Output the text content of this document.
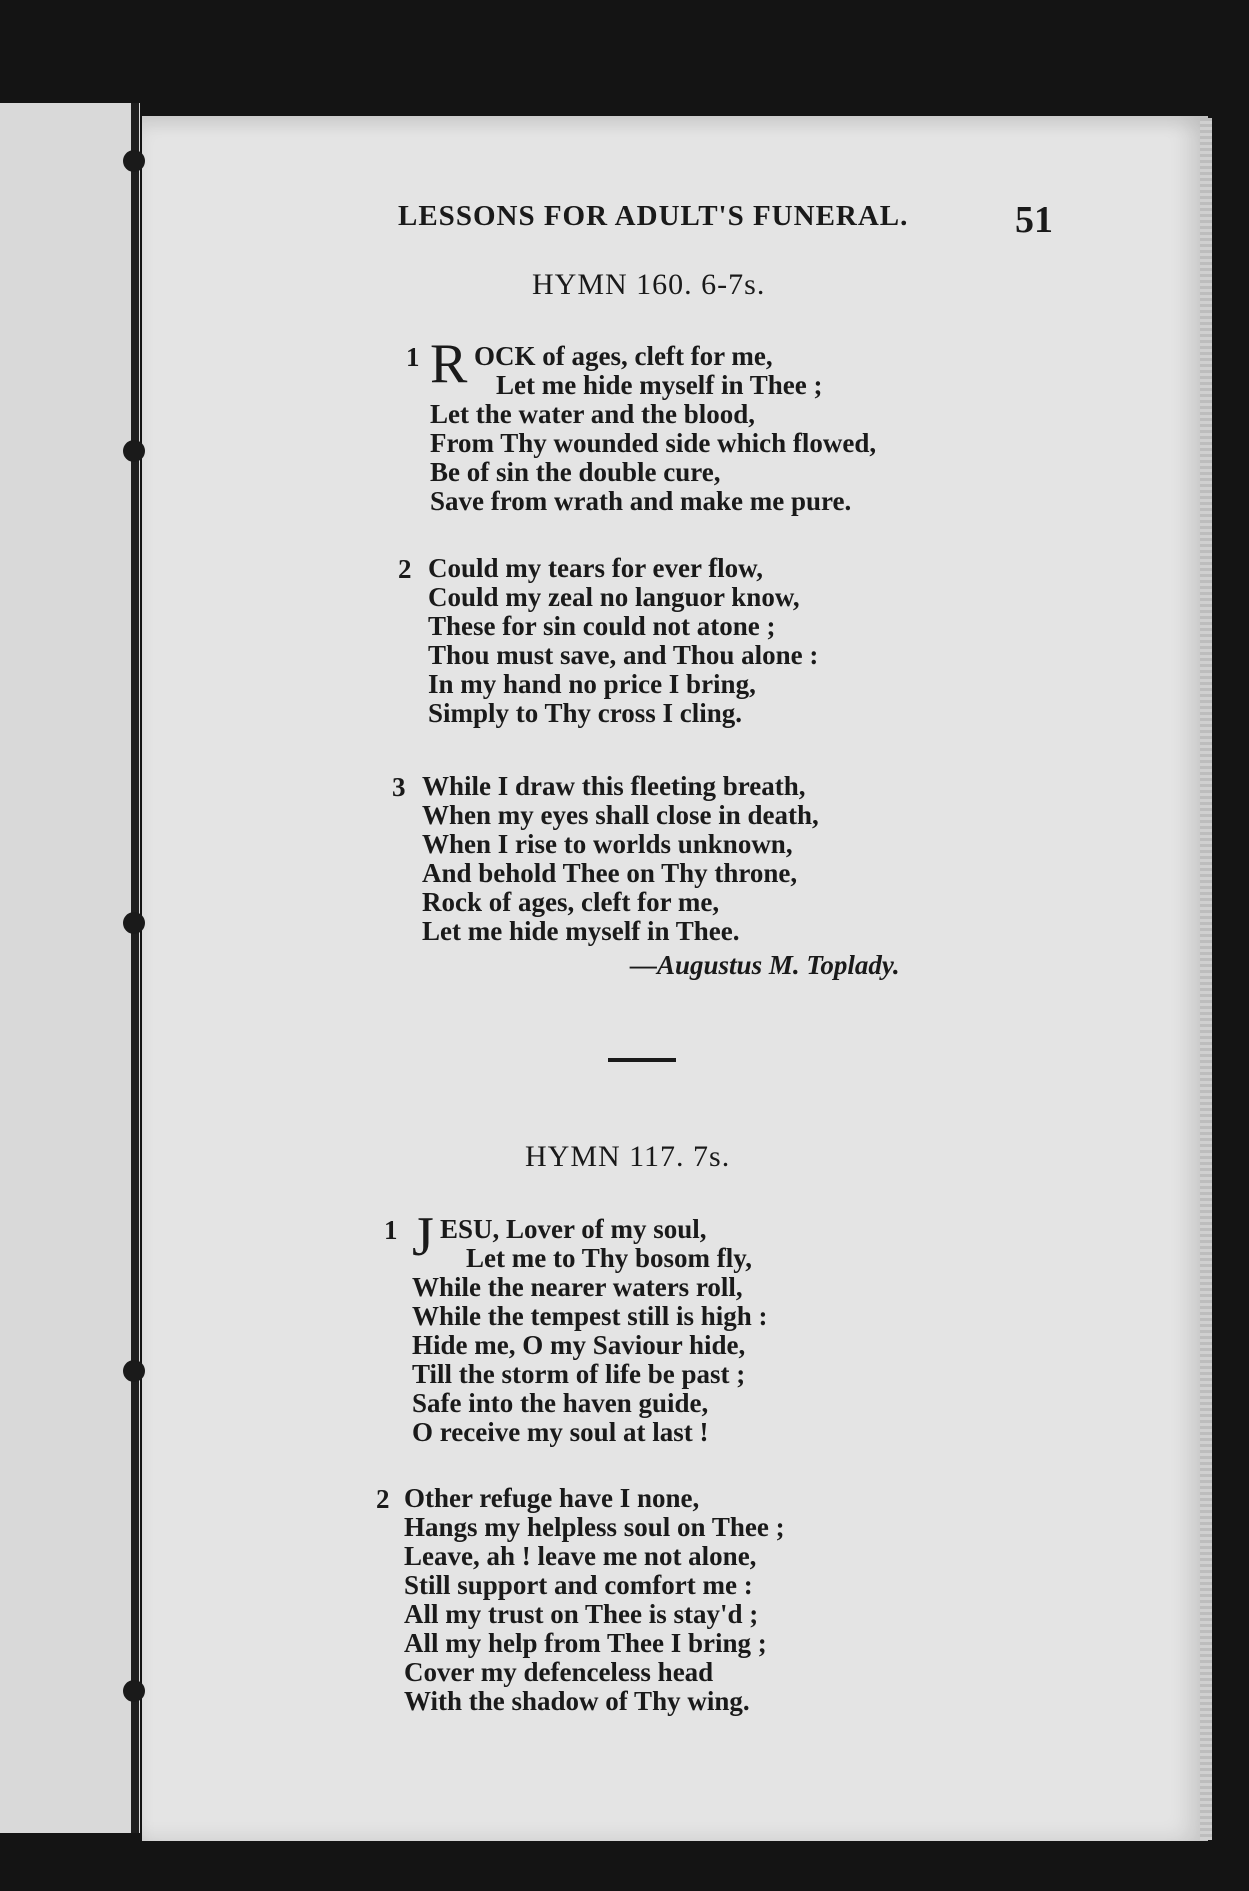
LESSONS FOR ADULT'S FUNERAL.	51
HYMN 160. 6-7s.
1 R OCK of ages, cleft for me,
Let me hide myself in Thee ;
Let the water and the blood,
From Thy wounded side which flowed,
Be of sin the double cure,
Save from wrath and make me pure.
2 Could my tears for ever flow,
Could my zeal no languor know,
These for sin could not atone ;
Thou must save, and Thou alone :
In my hand no price I bring,
Simply to Thy cross I cling.
3 While I draw this fleeting breath,
When my eyes shall close in death,
When I rise to worlds unknown,
And behold Thee on Thy throne,
Rock of ages, cleft for me,
Let me hide myself in Thee.
—Augustus M. Toplady.
HYMN 117. 7s.
1 J ESU, Lover of my soul,
Let me to Thy bosom fly,
While the nearer waters roll,
While the tempest still is high :
Hide me, O my Saviour hide,
Till the storm of life be past ;
Safe into the haven guide,
O receive my soul at last !
2 Other refuge have I none,
Hangs my helpless soul on Thee ;
Leave, ah ! leave me not alone,
Still support and comfort me :
All my trust on Thee is stay'd ;
All my help from Thee I bring ;
Cover my defenceless head
With the shadow of Thy wing.
